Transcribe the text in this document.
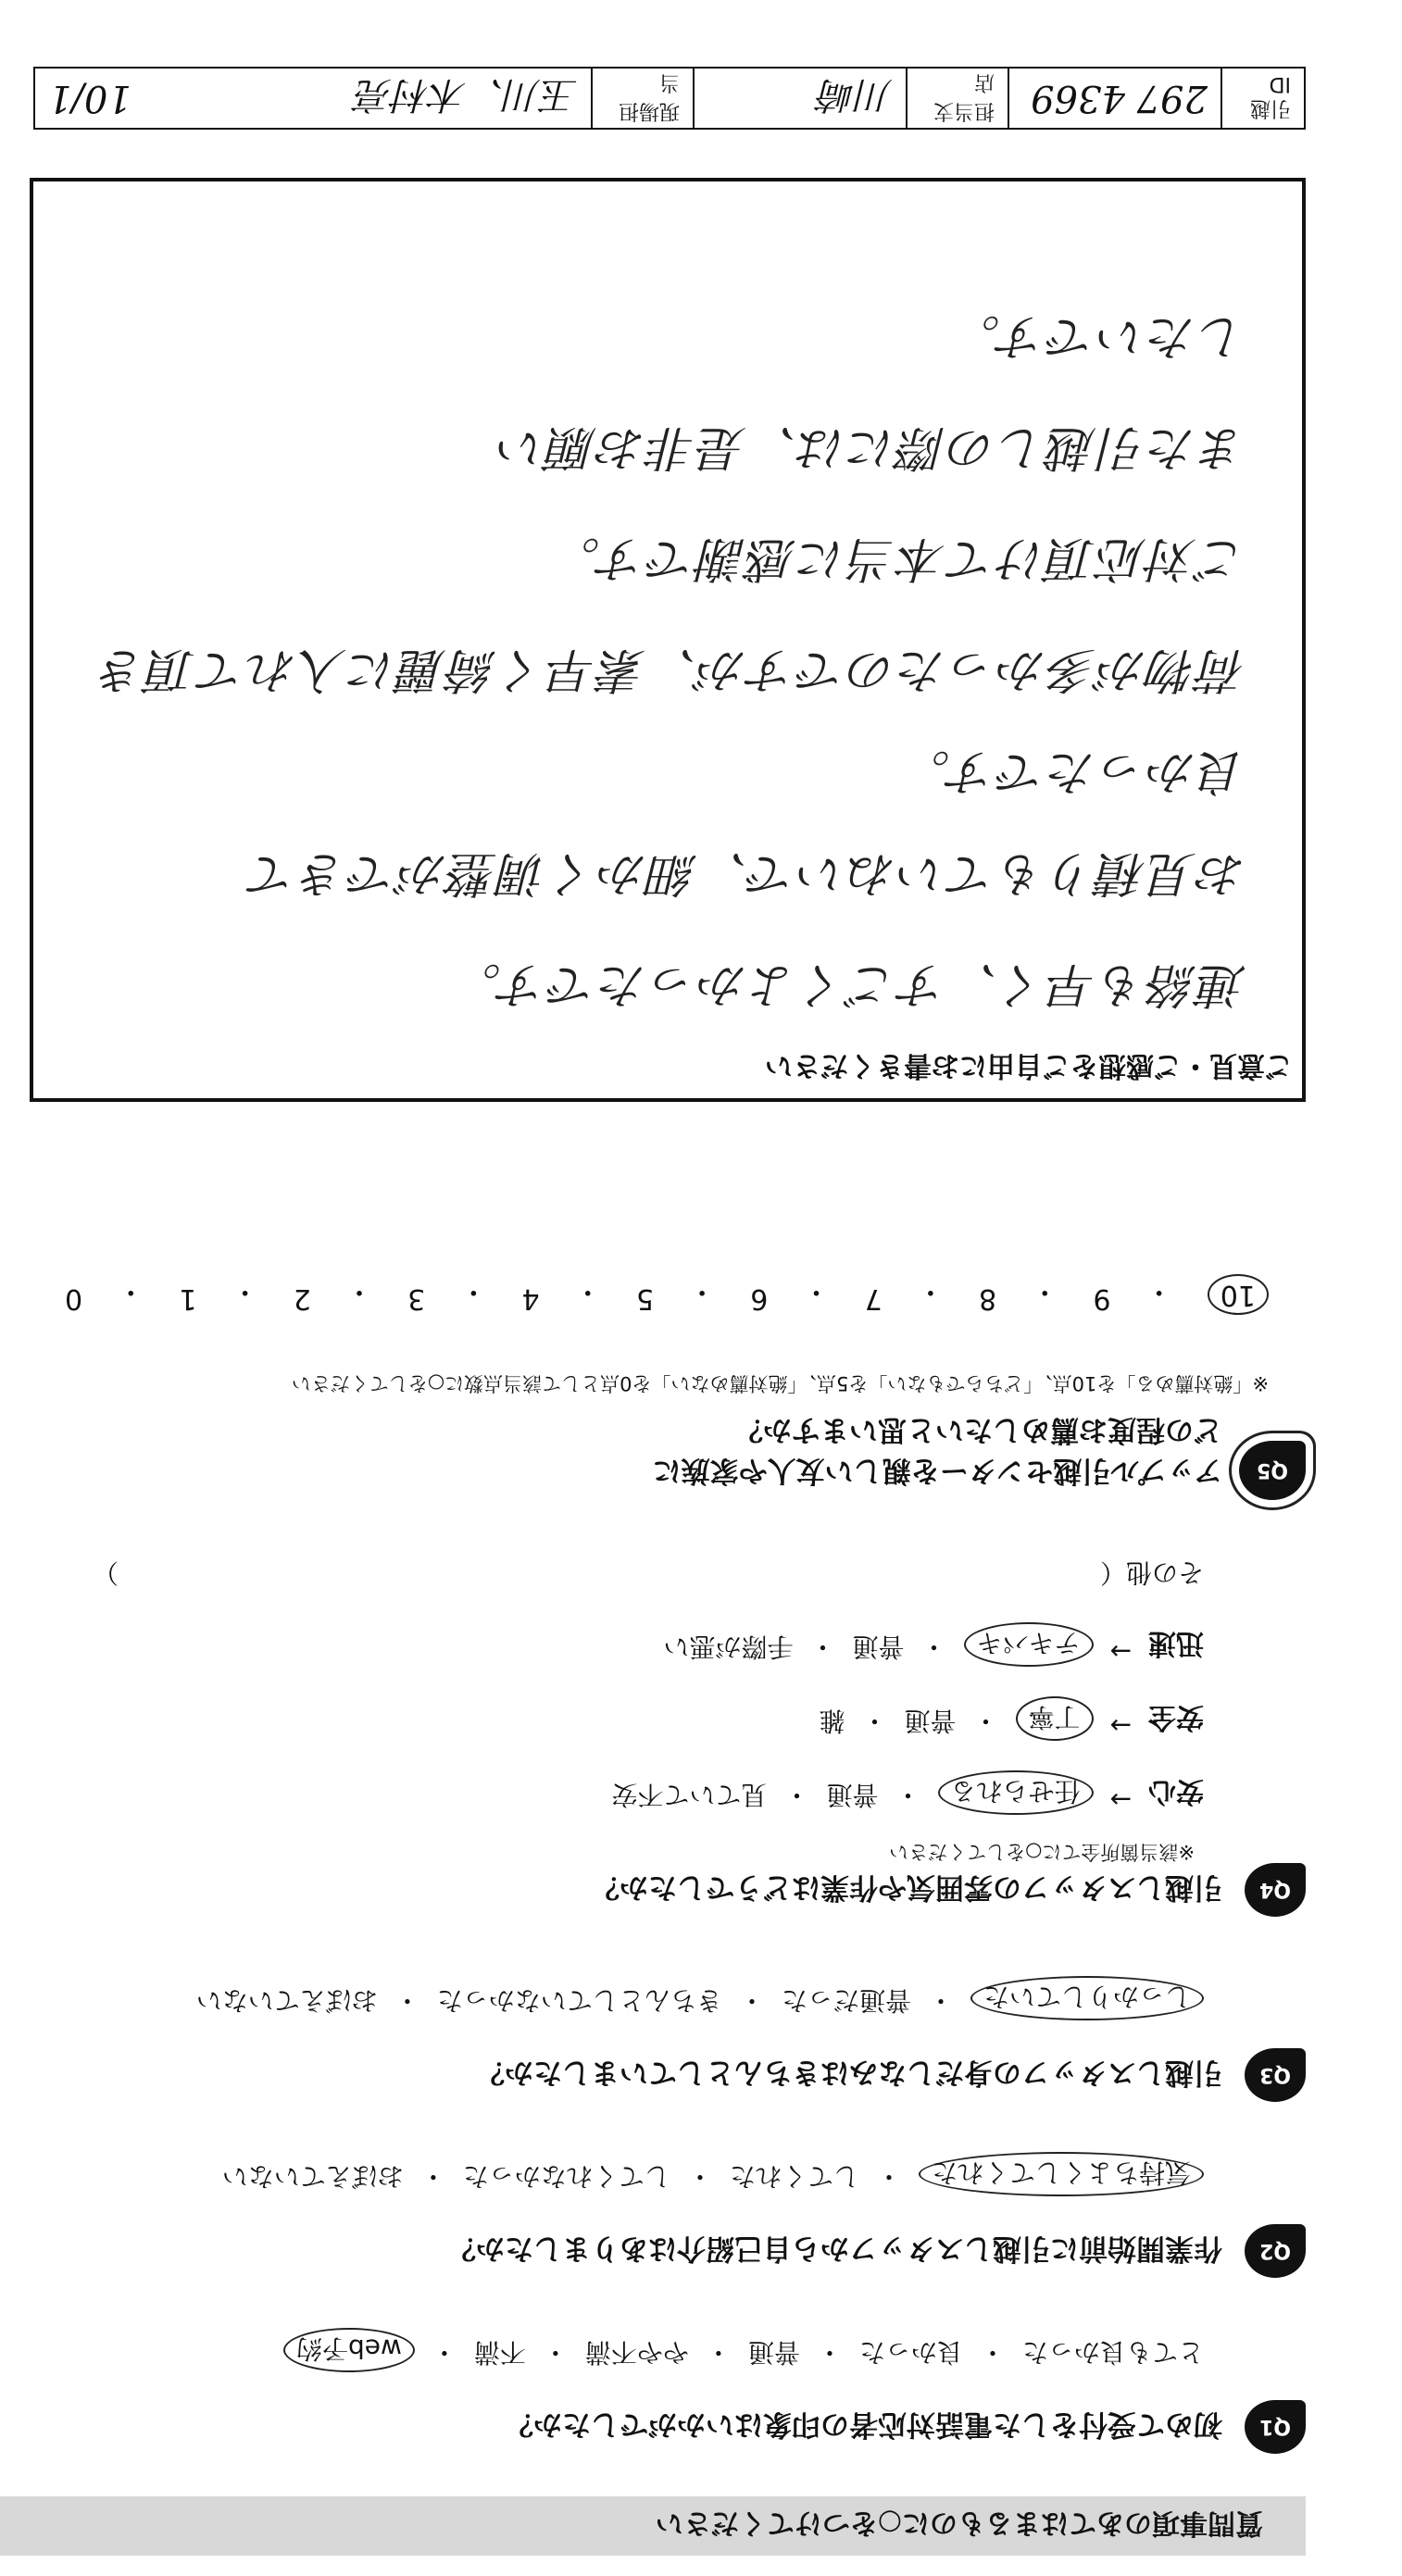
質問事項のあてはまるものに○をつけてください
Q1
初めて受付をした電話対応者の印象はいかがでしたか？
とても良かった
・
良かった
・
普通
・
やや不満
・
不満
・
web予約
Q2
作業開始前に引越しスタッフから自己紹介はありましたか？
気持ちよくしてくれた
・
してくれた
・
してくれなかった
・
おぼえていない
Q3
引越しスタッフの身だしなみはきちんとしていましたか？
しっかりしていた
・
普通だった
・
きちんとしていなかった
・
おぼえていない
Q4
引越しスタッフの雰囲気や作業はどうでしたか？
※該当箇所全てに○をしてください
安心
→
任せられる
・
普通
・
見ていて不安
安全
→
丁寧
・
普通
・
雑
迅速
→
テキパキ
・
普通
・
手際が悪い
その他（
）
Q5
アップル引越センターを親しい友人や家族に
どの程度お薦めしたいと思いますか？
※「絶対薦める」を10点、「どちらでもない」を5点、「絶対薦めない」を0点として該当点数に○をしてください
10
・
9
・
8
・
7
・
6
・
5
・
4
・
3
・
2
・
1
・
0
ご意見・ご感想をご自由にお書きください
連絡も早く、すごくよかったです。
お見積りもていねいで、細かく调整ができて
良かったです。
荷物が多かったのですが、素早く綺麗に入れて頂き
ご対応頂けて本当に感謝です。
また引越しの際には、是非お願い
したいです。
引越ID
297 4369
担当支店
川崎
現場担当
玉川、木村亮
10/1
